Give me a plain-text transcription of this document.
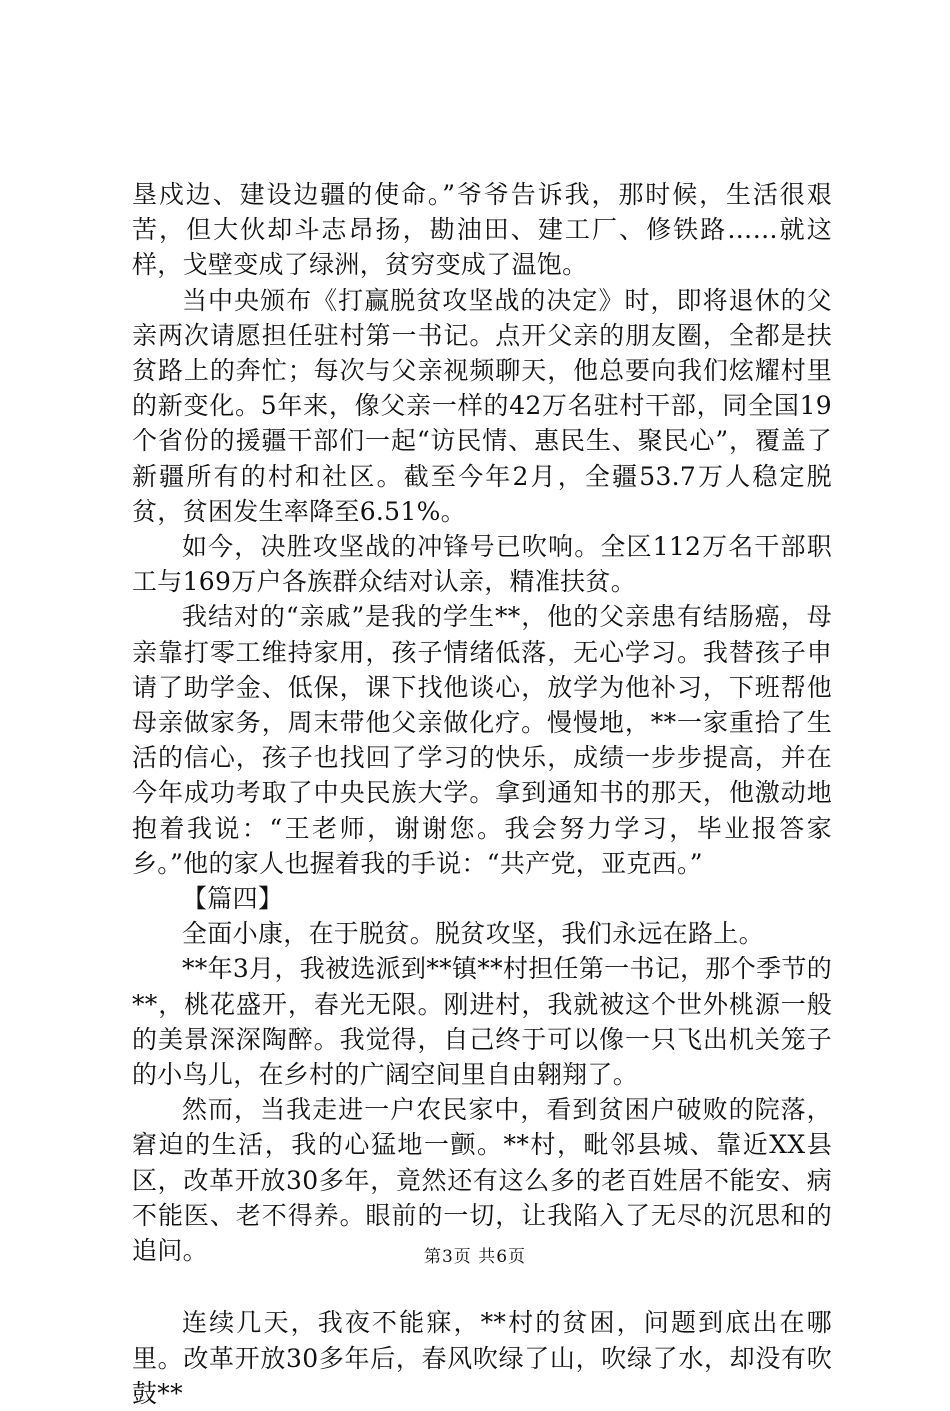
垦戍边、建设边疆的使命。”爷爷告诉我，那时候，生活很艰苦，但大伙却斗志昂扬，勘油田、建工厂、修铁路……就这样，戈壁变成了绿洲，贫穷变成了温饱。

当中央颁布《打赢脱贫攻坚战的决定》时，即将退休的父亲两次请愿担任驻村第一书记。点开父亲的朋友圈，全都是扶贫路上的奔忙；每次与父亲视频聊天，他总要向我们炫耀村里的新变化。5年来，像父亲一样的42万名驻村干部，同全国19个省份的援疆干部们一起“访民情、惠民生、聚民心”，覆盖了新疆所有的村和社区。截至今年2月，全疆53.7万人稳定脱贫，贫困发生率降至6.51%。

如今，决胜攻坚战的冲锋号已吹响。全区112万名干部职工与169万户各族群众结对认亲，精准扶贫。

我结对的“亲戚”是我的学生**，他的父亲患有结肠癌，母亲靠打零工维持家用，孩子情绪低落，无心学习。我替孩子申请了助学金、低保，课下找他谈心，放学为他补习，下班帮他母亲做家务，周末带他父亲做化疗。慢慢地，**一家重拾了生活的信心，孩子也找回了学习的快乐，成绩一步步提高，并在今年成功考取了中央民族大学。拿到通知书的那天，他激动地抱着我说：“王老师，谢谢您。我会努力学习，毕业报答家乡。”他的家人也握着我的手说：“共产党，亚克西。”

【篇四】

全面小康，在于脱贫。脱贫攻坚，我们永远在路上。

**年3月，我被选派到**镇**村担任第一书记，那个季节的**，桃花盛开，春光无限。刚进村，我就被这个世外桃源一般的美景深深陶醉。我觉得，自己终于可以像一只飞出机关笼子的小鸟儿，在乡村的广阔空间里自由翱翔了。

然而，当我走进一户农民家中，看到贫困户破败的院落，窘迫的生活，我的心猛地一颤。**村，毗邻县城、靠近XX县区，改革开放30多年，竟然还有这么多的老百姓居不能安、病不能医、老不得养。眼前的一切，让我陷入了无尽的沉思和的追问。

连续几天，我夜不能寐，**村的贫困，问题到底出在哪里。改革开放30多年后，春风吹绿了山，吹绿了水，却没有吹鼓**

第3页 共6页
